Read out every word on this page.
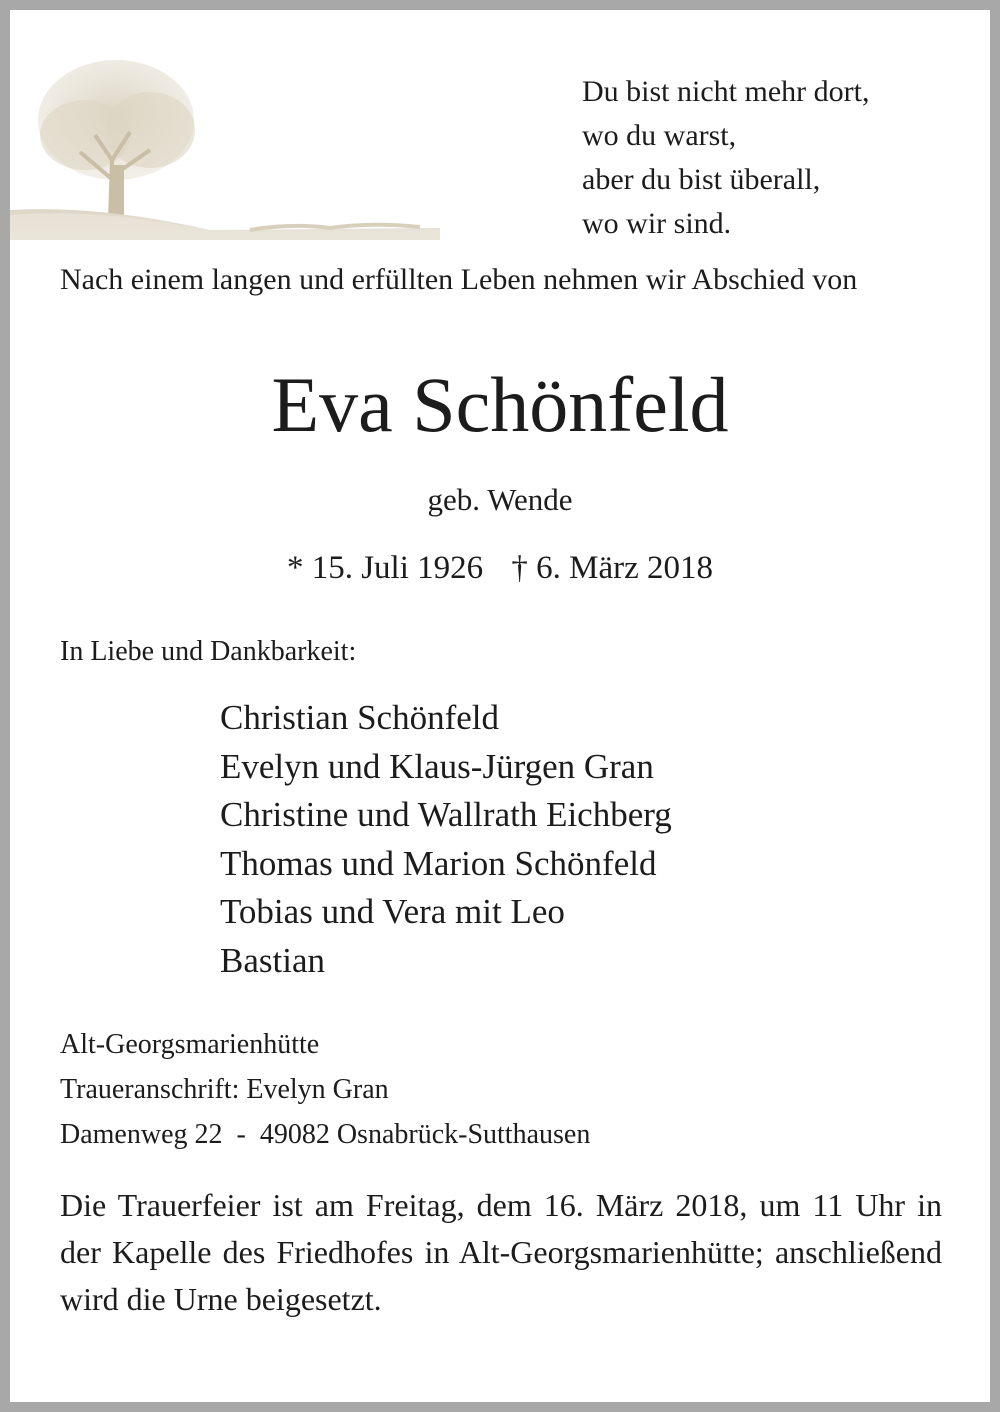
Du bist nicht mehr dort,
wo du warst,
aber du bist überall,
wo wir sind.
Nach einem langen und erfüllten Leben nehmen wir Abschied von
Eva Schönfeld
geb. Wende
* 15. Juli 1926 † 6. März 2018
In Liebe und Dankbarkeit:
Christian Schönfeld
Evelyn und Klaus-Jürgen Gran
Christine und Wallrath Eichberg
Thomas und Marion Schönfeld
Tobias und Vera mit Leo
Bastian
Alt-Georgsmarienhütte
Traueranschrift: Evelyn Gran
Damenweg 22  -  49082 Osnabrück-Sutthausen
Die Trauerfeier ist am Freitag, dem 16. März 2018, um 11 Uhr in der Kapelle des Friedhofes in Alt-Georgsmarienhütte; anschließend wird die Urne beigesetzt.
